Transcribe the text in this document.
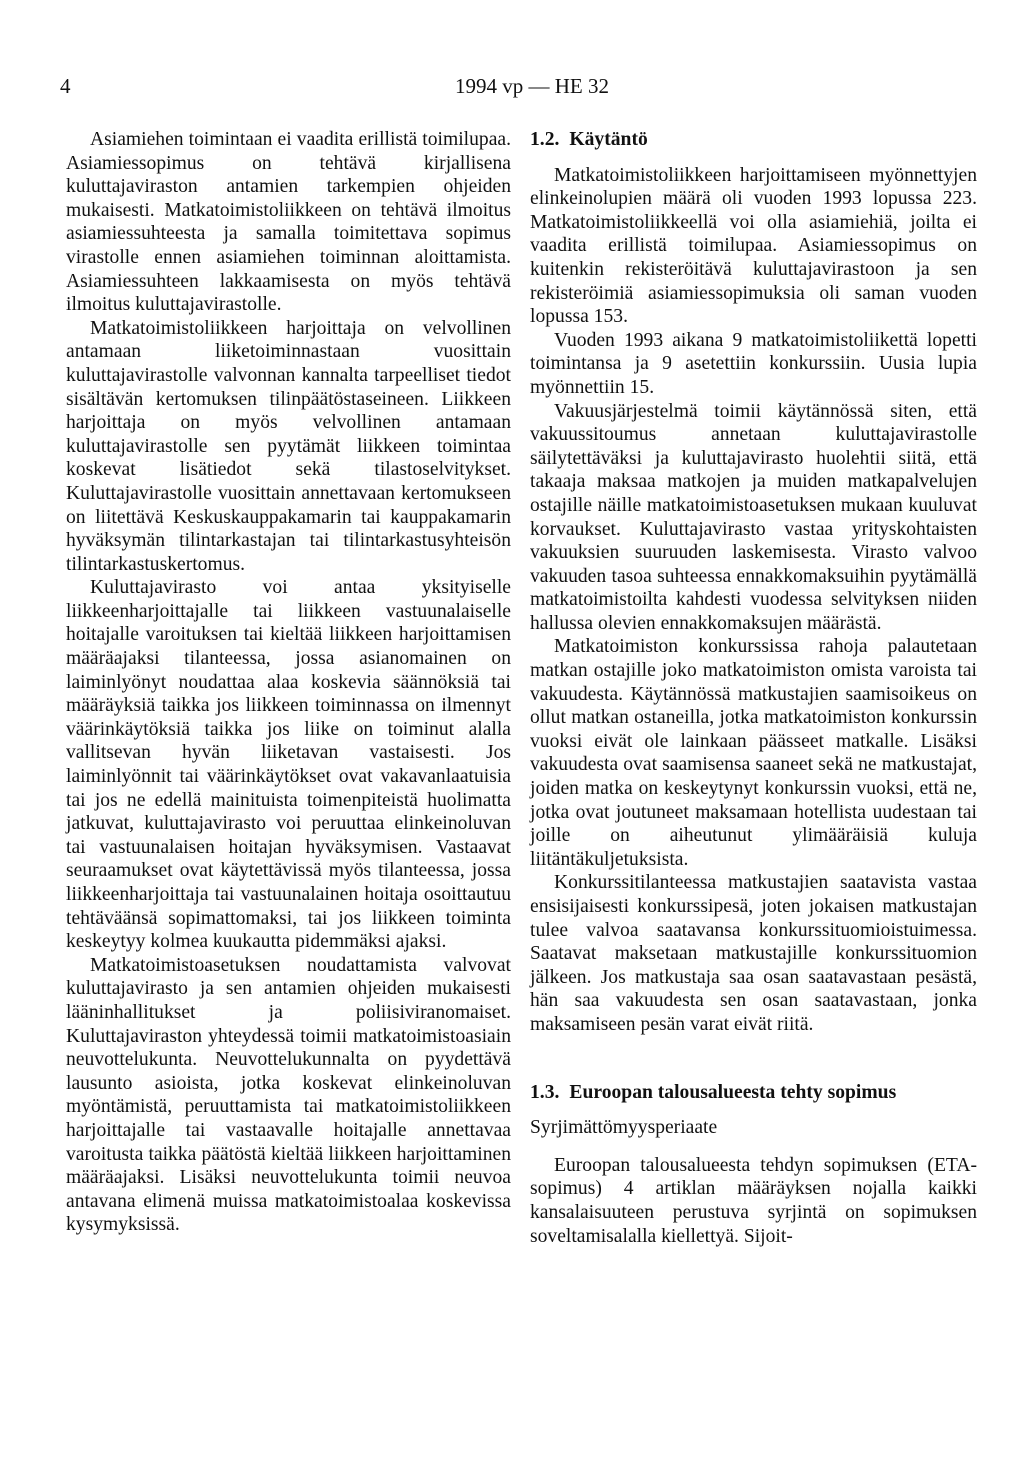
4	1994 vp — HE 32

Asiamiehen toimintaan ei vaadita erillistä toimilupaa. Asiamiessopimus on tehtävä kirjallisena kuluttajaviraston antamien tarkempien ohjeiden mukaisesti. Matkatoimistoliikkeen on tehtävä ilmoitus asiamiessuhteesta ja samalla toimitettava sopimus virastolle ennen asiamiehen toiminnan aloittamista. Asiamiessuhteen lakkaamisesta on myös tehtävä ilmoitus kuluttajavirastolle.

Matkatoimistoliikkeen harjoittaja on velvollinen antamaan liiketoiminnastaan vuosittain kuluttajavirastolle valvonnan kannalta tarpeelliset tiedot sisältävän kertomuksen tilinpäätöstaseineen. Liikkeen harjoittaja on myös velvollinen antamaan kuluttajavirastolle sen pyytämät liikkeen toimintaa koskevat lisätiedot sekä tilastoselvitykset. Kuluttajavirastolle vuosittain annettavaan kertomukseen on liitettävä Keskuskauppakamarin tai kauppakamarin hyväksymän tilintarkastajan tai tilintarkastusyhteisön tilintarkastuskertomus.

Kuluttajavirasto voi antaa yksityiselle liikkeenharjoittajalle tai liikkeen vastuunalaiselle hoitajalle varoituksen tai kieltää liikkeen harjoittamisen määräajaksi tilanteessa, jossa asianomainen on laiminlyönyt noudattaa alaa koskevia säännöksiä tai määräyksiä taikka jos liikkeen toiminnassa on ilmennyt väärinkäytöksiä taikka jos liike on toiminut alalla vallitsevan hyvän liiketavan vastaisesti. Jos laiminlyönnit tai väärinkäytökset ovat vakavanlaatuisia tai jos ne edellä mainituista toimenpiteistä huolimatta jatkuvat, kuluttajavirasto voi peruuttaa elinkeinoluvan tai vastuunalaisen hoitajan hyväksymisen. Vastaavat seuraamukset ovat käytettävissä myös tilanteessa, jossa liikkeenharjoittaja tai vastuunalainen hoitaja osoittautuu tehtäväänsä sopimattomaksi, tai jos liikkeen toiminta keskeytyy kolmea kuukautta pidemmäksi ajaksi.

Matkatoimistoasetuksen noudattamista valvovat kuluttajavirasto ja sen antamien ohjeiden mukaisesti lääninhallitukset ja poliisiviranomaiset. Kuluttajaviraston yhteydessä toimii matkatoimistoasiain neuvottelukunta. Neuvottelukunnalta on pyydettävä lausunto asioista, jotka koskevat elinkeinoluvan myöntämistä, peruuttamista tai matkatoimistoliikkeen harjoittajalle tai vastaavalle hoitajalle annettavaa varoitusta taikka päätöstä kieltää liikkeen harjoittaminen määräajaksi. Lisäksi neuvottelukunta toimii neuvoa antavana elimenä muissa matkatoimistoalaa koskevissa kysymyksissä.

1.2. Käytäntö

Matkatoimistoliikkeen harjoittamiseen myönnettyjen elinkeinolupien määrä oli vuoden 1993 lopussa 223. Matkatoimistoliikkeellä voi olla asiamiehiä, joilta ei vaadita erillistä toimilupaa. Asiamiessopimus on kuitenkin rekisteröitävä kuluttajavirastoon ja sen rekisteröimiä asiamiessopimuksia oli saman vuoden lopussa 153.

Vuoden 1993 aikana 9 matkatoimistoliikettä lopetti toimintansa ja 9 asetettiin konkurssiin. Uusia lupia myönnettiin 15.

Vakuusjärjestelmä toimii käytännössä siten, että vakuussitoumus annetaan kuluttajavirastolle säilytettäväksi ja kuluttajavirasto huolehtii siitä, että takaaja maksaa matkojen ja muiden matkapalvelujen ostajille näille matkatoimistoasetuksen mukaan kuuluvat korvaukset. Kuluttajavirasto vastaa yrityskohtaisten vakuuksien suuruuden laskemisesta. Virasto valvoo vakuuden tasoa suhteessa ennakkomaksuihin pyytämällä matkatoimistoilta kahdesti vuodessa selvityksen niiden hallussa olevien ennakkomaksujen määrästä.

Matkatoimiston konkurssissa rahoja palautetaan matkan ostajille joko matkatoimiston omista varoista tai vakuudesta. Käytännössä matkustajien saamisoikeus on ollut matkan ostaneilla, jotka matkatoimiston konkurssin vuoksi eivät ole lainkaan päässeet matkalle. Lisäksi vakuudesta ovat saamisensa saaneet sekä ne matkustajat, joiden matka on keskeytynyt konkurssin vuoksi, että ne, jotka ovat joutuneet maksamaan hotellista uudestaan tai joille on aiheutunut ylimääräisiä kuluja liitäntäkuljetuksista.

Konkurssitilanteessa matkustajien saatavista vastaa ensisijaisesti konkurssipesä, joten jokaisen matkustajan tulee valvoa saatavansa konkurssituomioistuimessa. Saatavat maksetaan matkustajille konkurssituomion jälkeen. Jos matkustaja saa osan saatavastaan pesästä, hän saa vakuudesta sen osan saatavastaan, jonka maksamiseen pesän varat eivät riitä.

1.3. Euroopan talousalueesta tehty sopimus

Syrjimättömyysperiaate

Euroopan talousalueesta tehdyn sopimuksen (ETA-sopimus) 4 artiklan määräyksen nojalla kaikki kansalaisuuteen perustuva syrjintä on sopimuksen soveltamisalalla kiellettyä. Sijoit-
